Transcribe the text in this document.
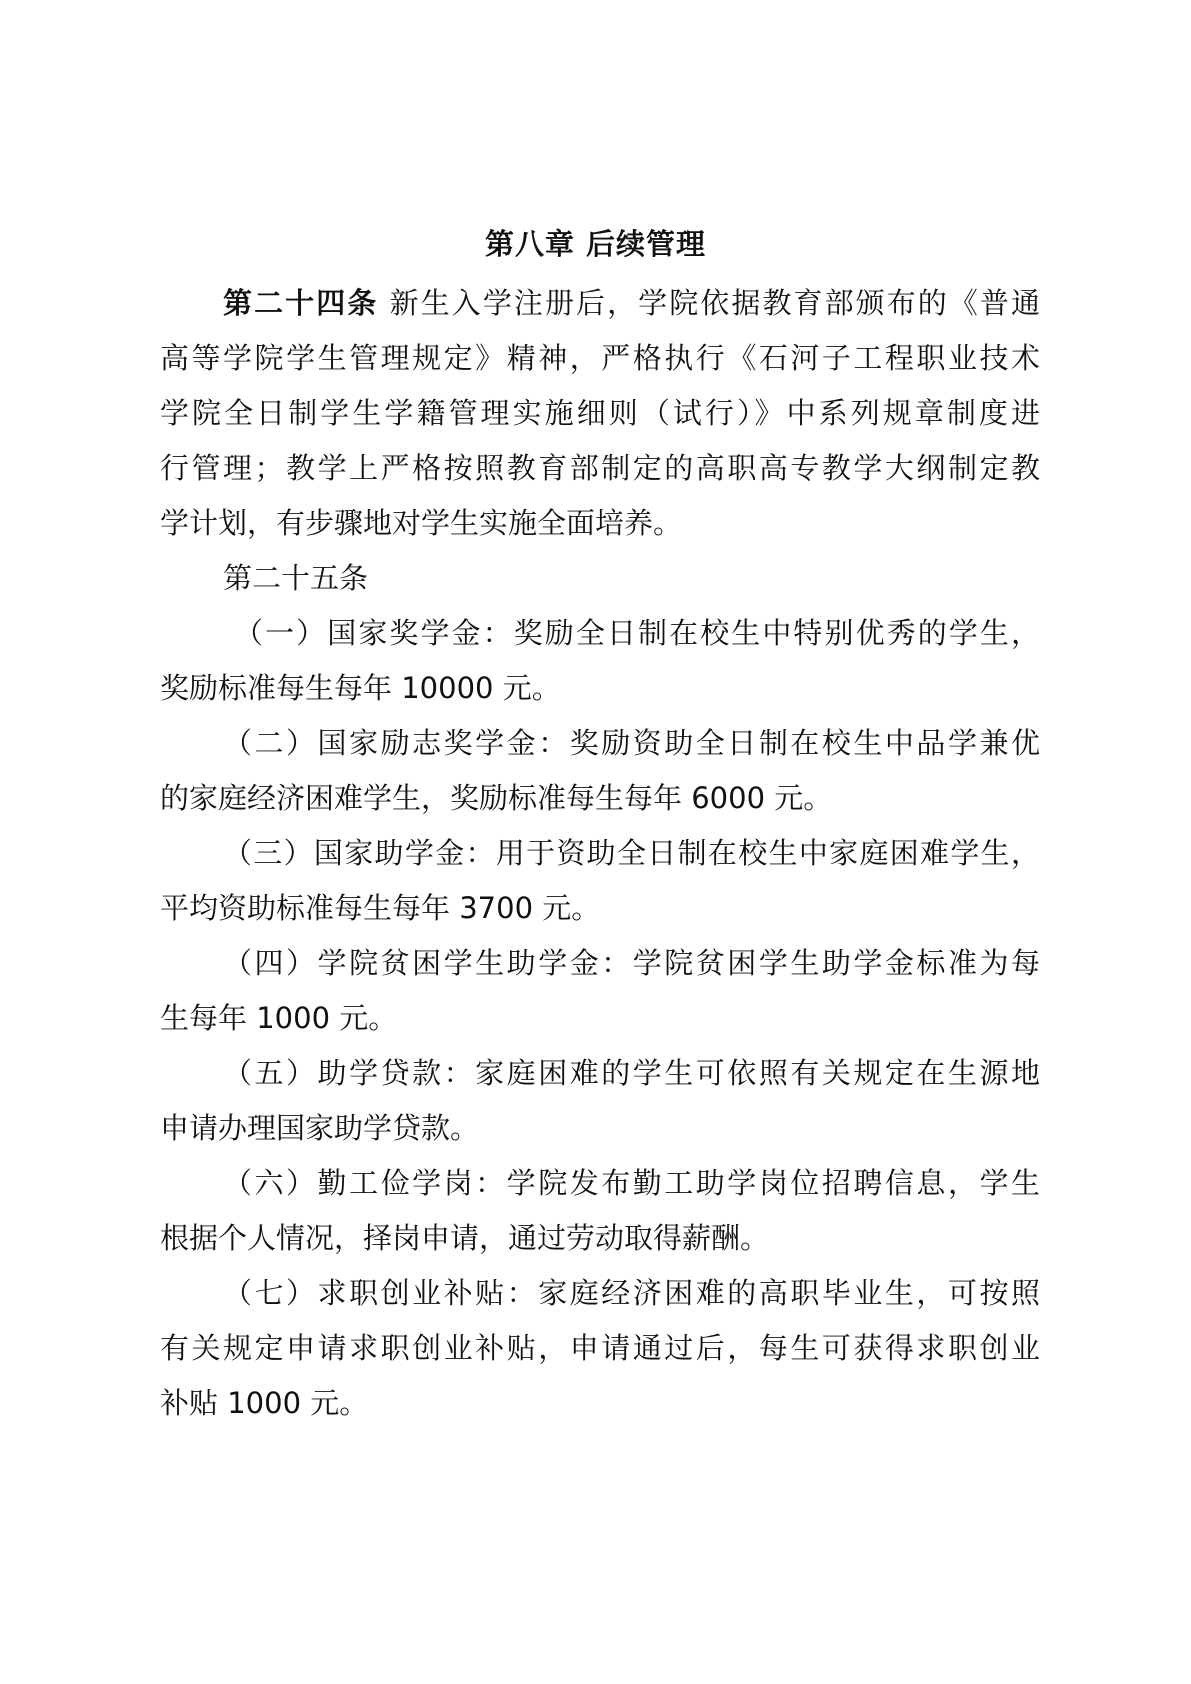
第八章 后续管理
第二十四条 新生入学注册后，学院依据教育部颁布的《普通
高等学院学生管理规定》精神，严格执行《石河子工程职业技术
学院全日制学生学籍管理实施细则（试行）》中系列规章制度进
行管理；教学上严格按照教育部制定的高职高专教学大纲制定教
学计划，有步骤地对学生实施全面培养。
第二十五条
（一）国家奖学金：奖励全日制在校生中特别优秀的学生，
奖励标准每生每年 10000 元。
（二）国家励志奖学金：奖励资助全日制在校生中品学兼优
的家庭经济困难学生，奖励标准每生每年 6000 元。
（三）国家助学金：用于资助全日制在校生中家庭困难学生，
平均资助标准每生每年 3700 元。
（四）学院贫困学生助学金：学院贫困学生助学金标准为每
生每年 1000 元。
（五）助学贷款：家庭困难的学生可依照有关规定在生源地
申请办理国家助学贷款。
（六）勤工俭学岗：学院发布勤工助学岗位招聘信息，学生
根据个人情况，择岗申请，通过劳动取得薪酬。
（七）求职创业补贴：家庭经济困难的高职毕业生，可按照
有关规定申请求职创业补贴，申请通过后，每生可获得求职创业
补贴 1000 元。
